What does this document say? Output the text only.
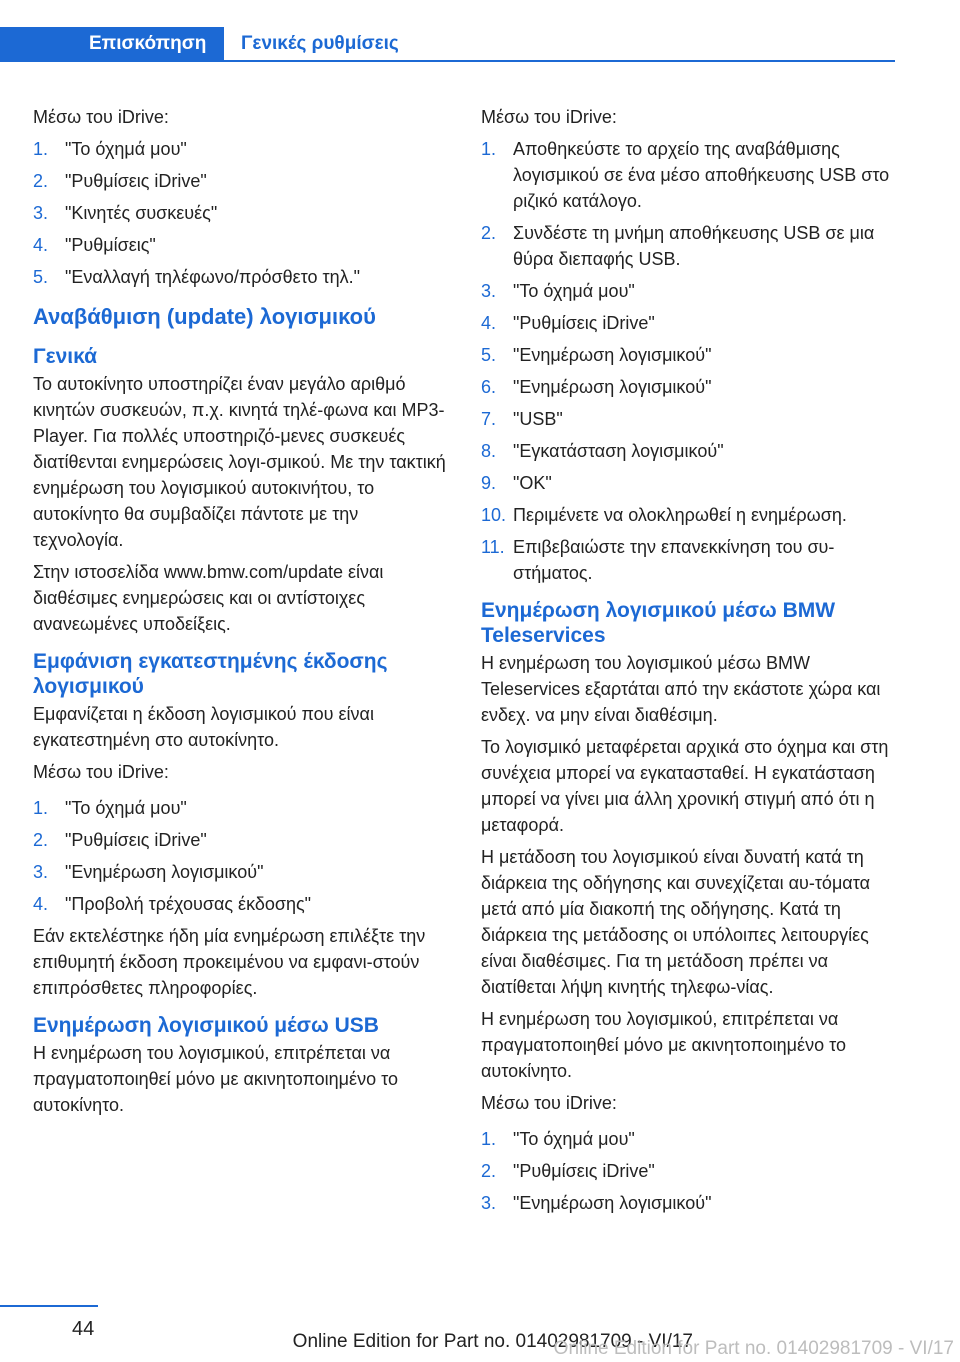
Επισκόπηση	Γενικές ρυθμίσεις

Μέσω του iDrive:

1. "Το όχημά μου"
2. "Ρυθμίσεις iDrive"
3. "Κινητές συσκευές"
4. "Ρυθμίσεις"
5. "Εναλλαγή τηλέφωνο/πρόσθετο τηλ."
Αναβάθμιση (update) λογισμικού
Γενικά

Το αυτοκίνητο υποστηρίζει έναν μεγάλο αριθμό κινητών συσκευών, π.χ. κινητά τηλέ-φωνα και MP3-Player. Για πολλές υποστηριζό-μενες συσκευές διατίθενται ενημερώσεις λογι-σμικού. Με την τακτική ενημέρωση του λογισμικού αυτοκινήτου, το αυτοκίνητο θα συμβαδίζει πάντοτε με την τεχνολογία.

Στην ιστοσελίδα www.bmw.com/update είναι διαθέσιμες ενημερώσεις και οι αντίστοιχες ανανεωμένες υποδείξεις.

Εμφάνιση εγκατεστημένης έκδοσης λογισμικού

Εμφανίζεται η έκδοση λογισμικού που είναι εγκατεστημένη στο αυτοκίνητο.

Μέσω του iDrive:

1. "Το όχημά μου"
2. "Ρυθμίσεις iDrive"
3. "Ενημέρωση λογισμικού"
4. "Προβολή τρέχουσας έκδοσης"

Εάν εκτελέστηκε ήδη μία ενημέρωση επιλέξτε την επιθυμητή έκδοση προκειμένου να εμφανι-στούν επιπρόσθετες πληροφορίες.

Ενημέρωση λογισμικού μέσω USB

Η ενημέρωση του λογισμικού, επιτρέπεται να πραγματοποιηθεί μόνο με ακινητοποιημένο το αυτοκίνητο.

Μέσω του iDrive:

1. Αποθηκεύστε το αρχείο της αναβάθμισης λογισμικού σε ένα μέσο αποθήκευσης USB στο ριζικό κατάλογο.
2. Συνδέστε τη μνήμη αποθήκευσης USB σε μια θύρα διεπαφής USB.
3. "Το όχημά μου"
4. "Ρυθμίσεις iDrive"
5. "Ενημέρωση λογισμικού"
6. "Ενημέρωση λογισμικού"
7. "USB"
8. "Εγκατάσταση λογισμικού"
9. "OK"
10. Περιμένετε να ολοκληρωθεί η ενημέρωση.
11. Επιβεβαιώστε την επανεκκίνηση του συ-στήματος.
Ενημέρωση λογισμικού μέσω BMW Teleservices

Η ενημέρωση του λογισμικού μέσω BMW Teleservices εξαρτάται από την εκάστοτε χώρα και ενδεχ. να μην είναι διαθέσιμη.

Το λογισμικό μεταφέρεται αρχικά στο όχημα και στη συνέχεια μπορεί να εγκατασταθεί. Η εγκατάσταση μπορεί να γίνει μια άλλη χρονική στιγμή από ότι η μεταφορά.

Η μετάδοση του λογισμικού είναι δυνατή κατά τη διάρκεια της οδήγησης και συνεχίζεται αυ-τόματα μετά από μία διακοπή της οδήγησης. Κατά τη διάρκεια της μετάδοσης οι υπόλοιπες λειτουργίες είναι διαθέσιμες. Για τη μετάδοση πρέπει να διατίθεται λήψη κινητής τηλεφω-νίας.

Η ενημέρωση του λογισμικού, επιτρέπεται να πραγματοποιηθεί μόνο με ακινητοποιημένο το αυτοκίνητο.

Μέσω του iDrive:

1. "Το όχημά μου"
2. "Ρυθμίσεις iDrive"
3. "Ενημέρωση λογισμικού"
44
Online Edition for Part no. 01402981709 - VI/17
Online Edition for Part no. 01402981709 - VI/17
